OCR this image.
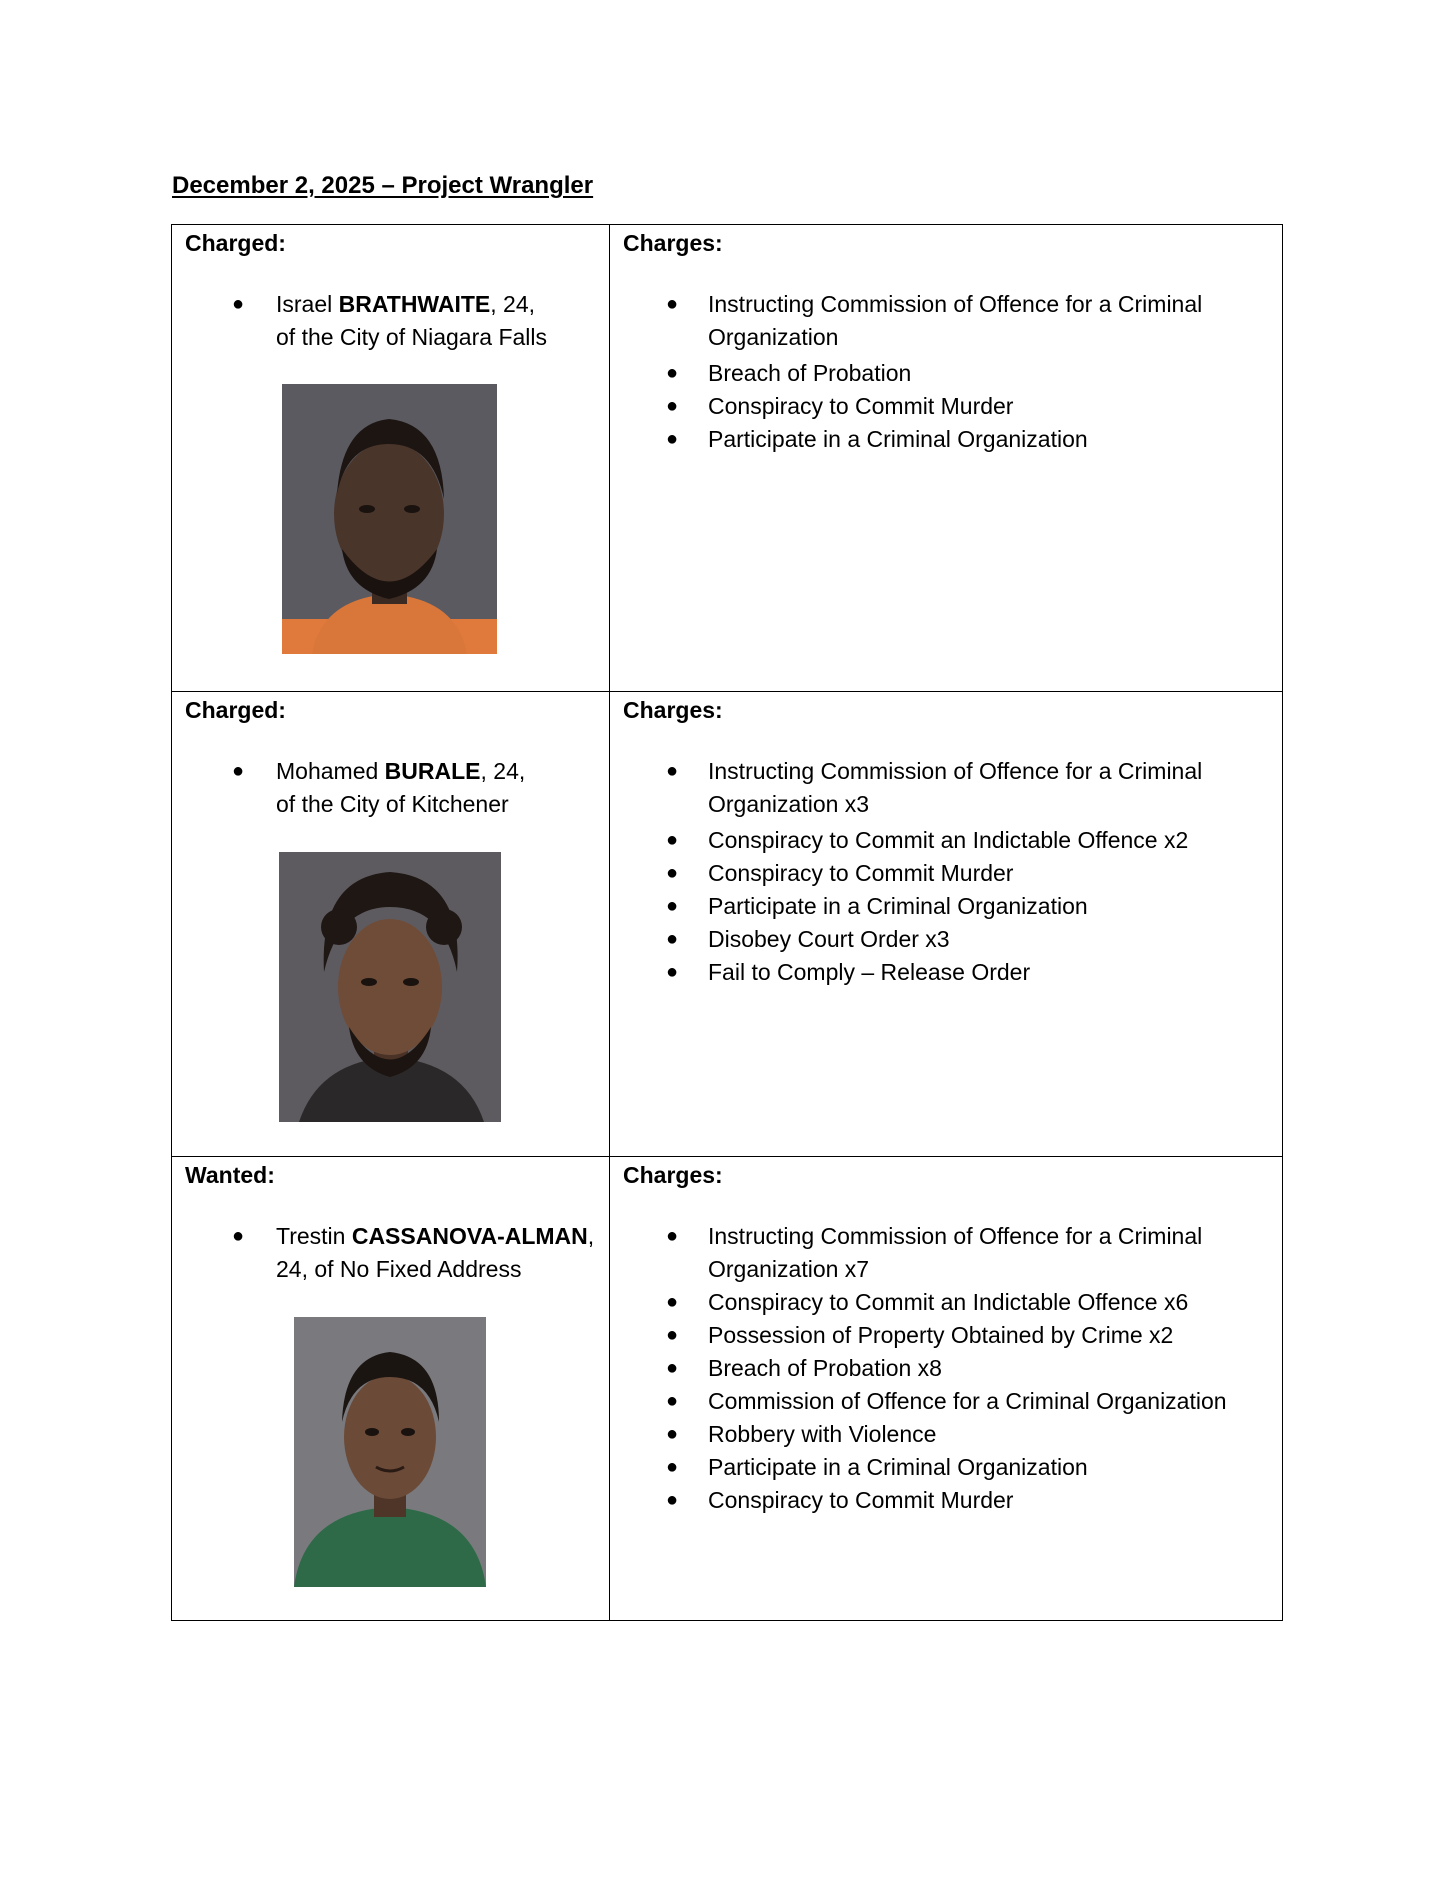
December 2, 2025 – Project Wrangler
Charged:
●	Israel BRATHWAITE, 24,
of the City of Niagara Falls
Charges:
● Instructing Commission of Offence for a Criminal
Organization
● Breach of Probation
● Conspiracy to Commit Murder
● Participate in a Criminal Organization
Charged:
●	Mohamed BURALE, 24,
of the City of Kitchener
Charges:
● Instructing Commission of Offence for a Criminal
Organization x3
● Conspiracy to Commit an Indictable Offence x2
● Conspiracy to Commit Murder
● Participate in a Criminal Organization
● Disobey Court Order x3
● Fail to Comply – Release Order
Wanted:
●	Trestin CASSANOVA-ALMAN,
24, of No Fixed Address
Charges:
● Instructing Commission of Offence for a Criminal
Organization x7
● Conspiracy to Commit an Indictable Offence x6
● Possession of Property Obtained by Crime x2
● Breach of Probation x8
● Commission of Offence for a Criminal Organization
● Robbery with Violence
● Participate in a Criminal Organization
● Conspiracy to Commit Murder
